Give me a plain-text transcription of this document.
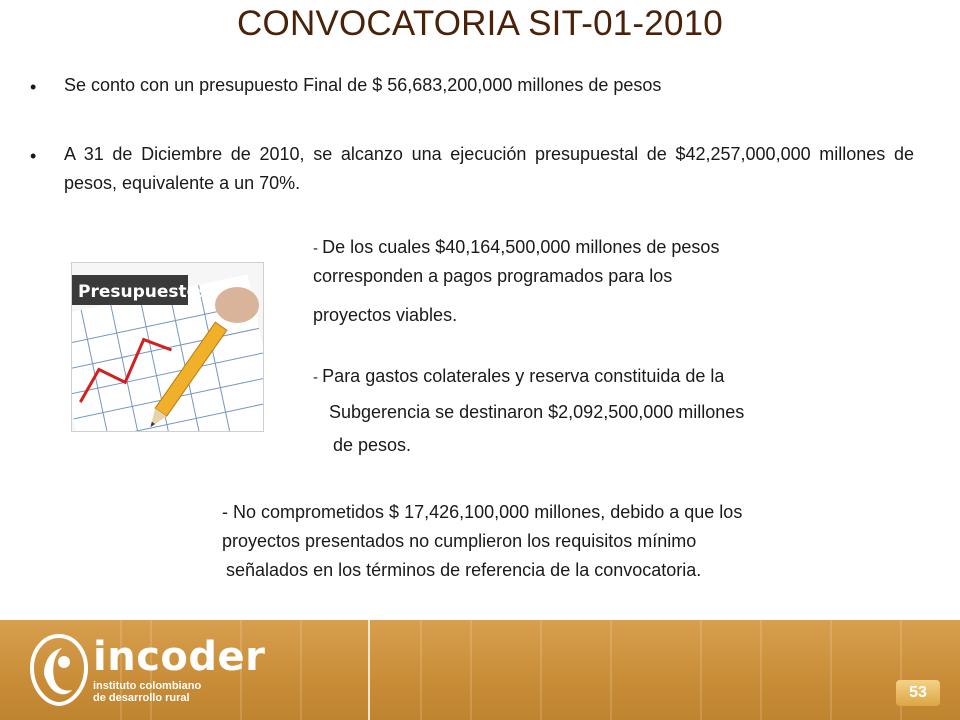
CONVOCATORIA SIT-01-2010
• Se conto con un presupuesto Final de $ 56,683,200,000 millones de pesos
• A 31 de Diciembre de 2010, se alcanzo una ejecución presupuestal de $42,257,000,000 millones de pesos, equivalente a un 70%.
Presupuestos
- De los cuales $40,164,500,000 millones de pesos
corresponden a pagos programados para los
proyectos viables.
- Para gastos colaterales y reserva constituida de la
Subgerencia se destinaron $2,092,500,000 millones
de pesos.
- No comprometidos $ 17,426,100,000 millones, debido a que los
proyectos presentados no cumplieron los requisitos mínimo
señalados en los términos de referencia de la convocatoria.
incoder
instituto colombiano
de desarrollo rural	53
